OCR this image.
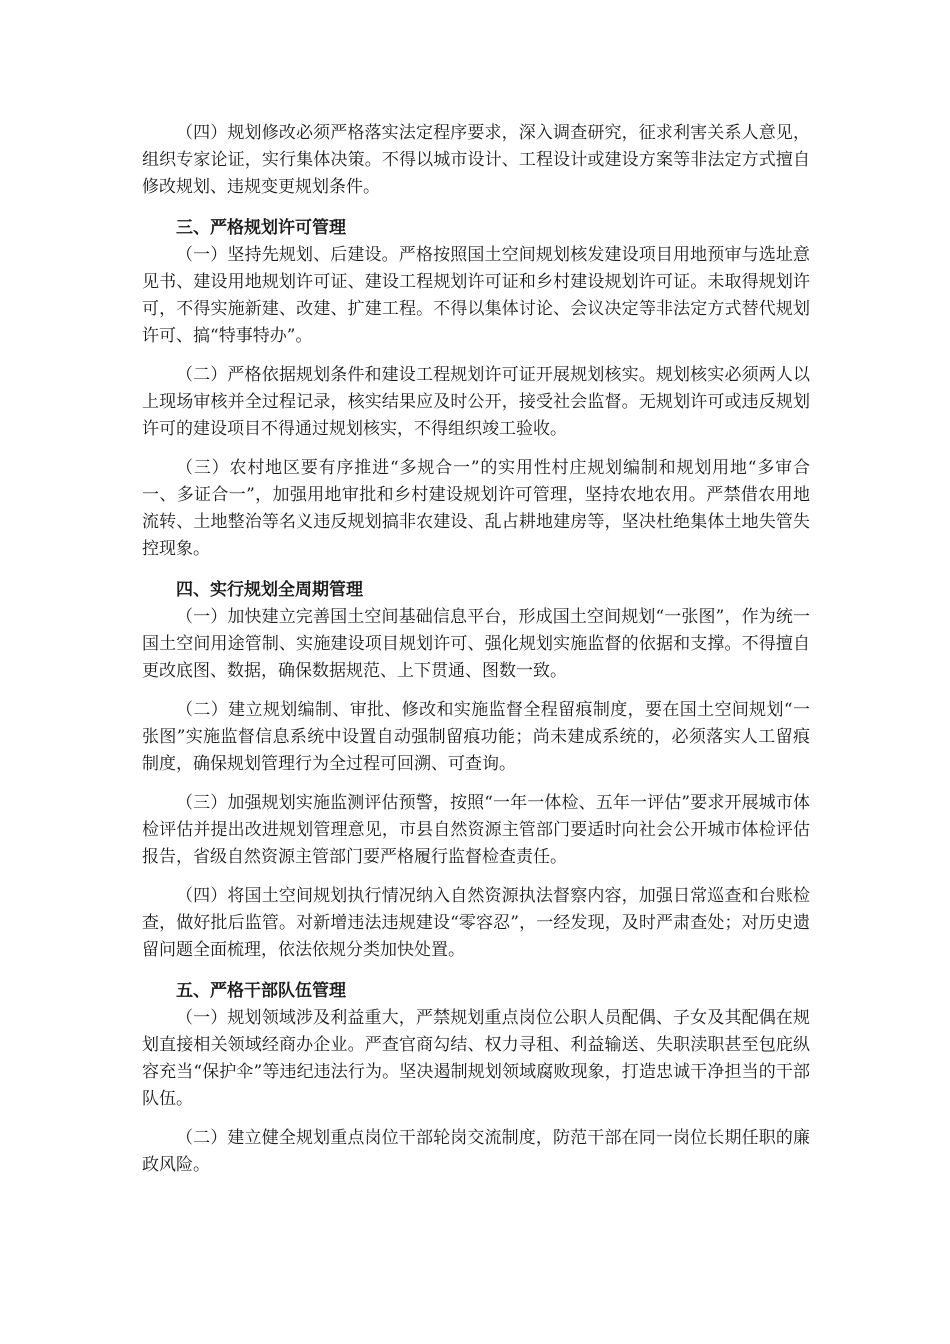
（四）规划修改必须严格落实法定程序要求，深入调查研究，征求利害关系人意见，组织专家论证，实行集体决策。不得以城市设计、工程设计或建设方案等非法定方式擅自修改规划、违规变更规划条件。

三、严格规划许可管理

（一）坚持先规划、后建设。严格按照国土空间规划核发建设项目用地预审与选址意见书、建设用地规划许可证、建设工程规划许可证和乡村建设规划许可证。未取得规划许可，不得实施新建、改建、扩建工程。不得以集体讨论、会议决定等非法定方式替代规划许可、搞“特事特办”。

（二）严格依据规划条件和建设工程规划许可证开展规划核实。规划核实必须两人以上现场审核并全过程记录，核实结果应及时公开，接受社会监督。无规划许可或违反规划许可的建设项目不得通过规划核实，不得组织竣工验收。

（三）农村地区要有序推进“多规合一”的实用性村庄规划编制和规划用地“多审合一、多证合一”，加强用地审批和乡村建设规划许可管理，坚持农地农用。严禁借农用地流转、土地整治等名义违反规划搞非农建设、乱占耕地建房等，坚决杜绝集体土地失管失控现象。

四、实行规划全周期管理

（一）加快建立完善国土空间基础信息平台，形成国土空间规划“一张图”，作为统一国土空间用途管制、实施建设项目规划许可、强化规划实施监督的依据和支撑。不得擅自更改底图、数据，确保数据规范、上下贯通、图数一致。

（二）建立规划编制、审批、修改和实施监督全程留痕制度，要在国土空间规划“一张图”实施监督信息系统中设置自动强制留痕功能；尚未建成系统的，必须落实人工留痕制度，确保规划管理行为全过程可回溯、可查询。

（三）加强规划实施监测评估预警，按照“一年一体检、五年一评估”要求开展城市体检评估并提出改进规划管理意见，市县自然资源主管部门要适时向社会公开城市体检评估报告，省级自然资源主管部门要严格履行监督检查责任。

（四）将国土空间规划执行情况纳入自然资源执法督察内容，加强日常巡查和台账检查，做好批后监管。对新增违法违规建设“零容忍”，一经发现，及时严肃查处；对历史遗留问题全面梳理，依法依规分类加快处置。

五、严格干部队伍管理

（一）规划领域涉及利益重大，严禁规划重点岗位公职人员配偶、子女及其配偶在规划直接相关领域经商办企业。严查官商勾结、权力寻租、利益输送、失职渎职甚至包庇纵容充当“保护伞”等违纪违法行为。坚决遏制规划领域腐败现象，打造忠诚干净担当的干部队伍。

（二）建立健全规划重点岗位干部轮岗交流制度，防范干部在同一岗位长期任职的廉政风险。
